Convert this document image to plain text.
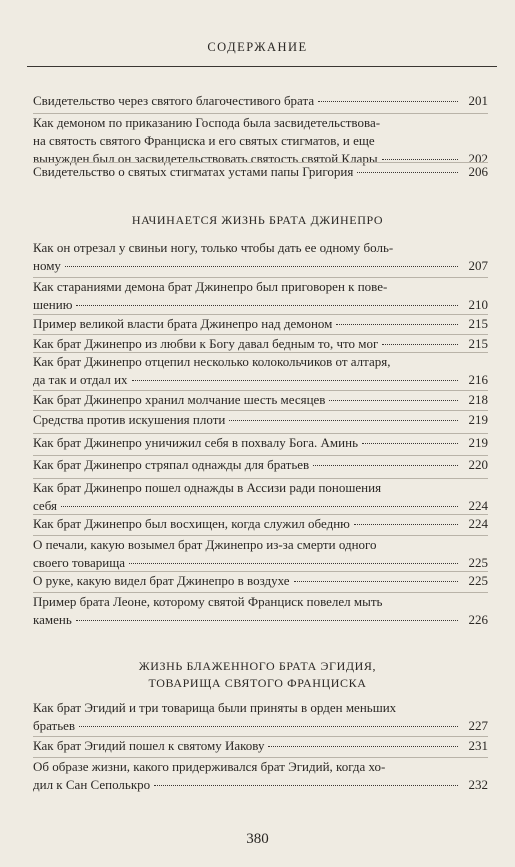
СОДЕРЖАНИЕ
Свидетельство через святого благочестивого брата	201
Как демоном по приказанию Господа была засвидетельствова-
на святость святого Франциска и его святых стигматов, и еще
вынужден был он засвидетельствовать святость святой Клары	202
Свидетельство о святых стигматах устами папы Григория	206
НАЧИНАЕТСЯ ЖИЗНЬ БРАТА ДЖИНЕПРО
Как он отрезал у свиньи ногу, только чтобы дать ее одному боль-
ному	207
Как стараниями демона брат Джинепро был приговорен к пове-
шению	210
Пример великой власти брата Джинепро над демоном	215
Как брат Джинепро из любви к Богу давал бедным то, что мог	215
Как брат Джинепро отцепил несколько колокольчиков от алтаря,
да так и отдал их	216
Как брат Джинепро хранил молчание шесть месяцев	218
Средства против искушения плоти	219
Как брат Джинепро уничижил себя в похвалу Бога. Аминь	219
Как брат Джинепро стряпал однажды для братьев	220
Как брат Джинепро пошел однажды в Ассизи ради поношения
себя	224
Как брат Джинепро был восхищен, когда служил обедню	224
О печали, какую возымел брат Джинепро из-за смерти одного
своего товарища	225
О руке, какую видел брат Джинепро в воздухе	225
Пример брата Леоне, которому святой Франциск повелел мыть
камень	226
ЖИЗНЬ БЛАЖЕННОГО БРАТА ЭГИДИЯ,
ТОВАРИЩА СВЯТОГО ФРАНЦИСКА
Как брат Эгидий и три товарища были приняты в орден меньших
братьев	227
Как брат Эгидий пошел к святому Иакову	231
Об образе жизни, какого придерживался брат Эгидий, когда хо-
дил к Сан Сеполькро	232
380
